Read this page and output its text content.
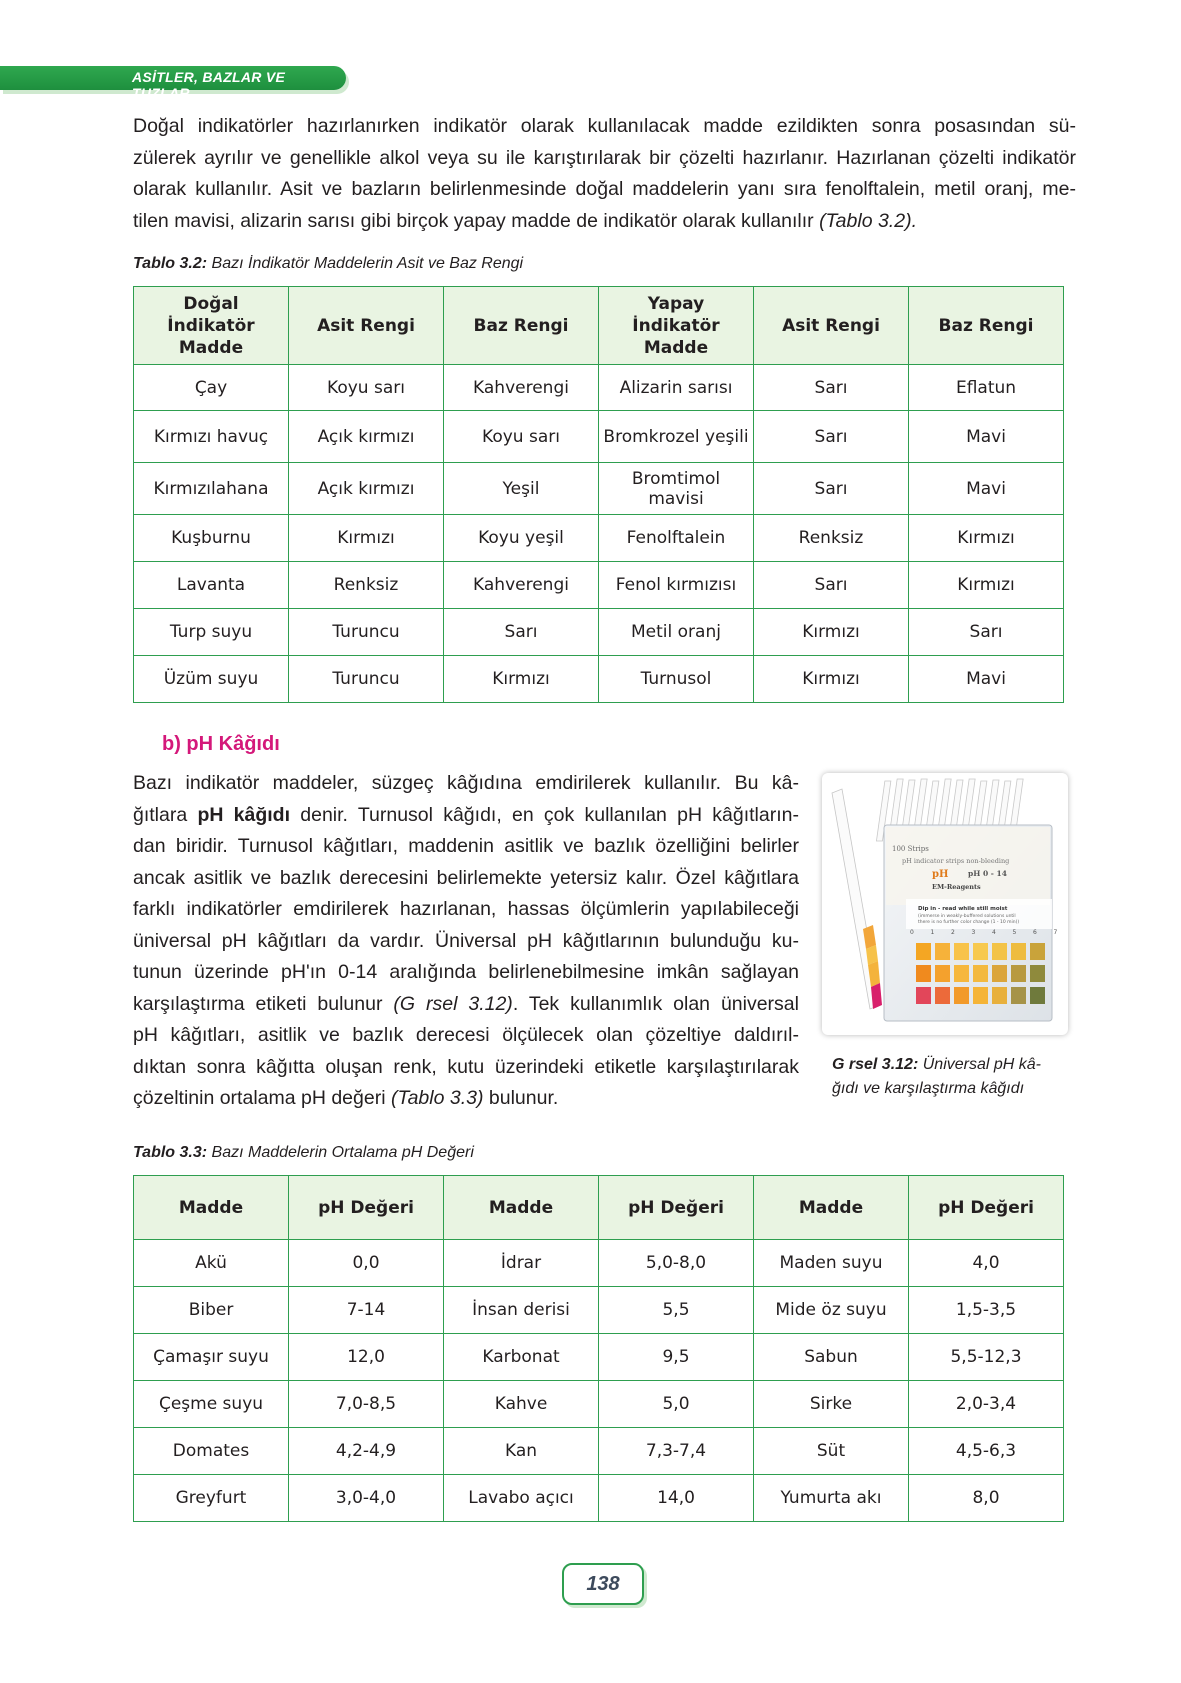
ASİTLER, BAZLAR VE TUZLAR
Doğal indikatörler hazırlanırken indikatör olarak kullanılacak madde ezildikten sonra posasından sü-
zülerek ayrılır ve genellikle alkol veya su ile karıştırılarak bir çözelti hazırlanır. Hazırlanan çözelti indikatör
olarak kullanılır. Asit ve bazların belirlenmesinde doğal maddelerin yanı sıra fenolftalein, metil oranj, me-
tilen mavisi, alizarin sarısı gibi birçok yapay madde de indikatör olarak kullanılır (Tablo 3.2).
Tablo 3.2: Bazı İndikatör Maddelerin Asit ve Baz Rengi
Doğal İndikatör Madde	Asit Rengi	Baz Rengi	Yapay İndikatör Madde	Asit Rengi	Baz Rengi
Çay	Koyu sarı	Kahverengi	Alizarin sarısı	Sarı	Eflatun
Kırmızı havuç	Açık kırmızı	Koyu sarı	Bromkrozel yeşili	Sarı	Mavi
Kırmızılahana	Açık kırmızı	Yeşil	Bromtimol mavisi	Sarı	Mavi
Kuşburnu	Kırmızı	Koyu yeşil	Fenolftalein	Renksiz	Kırmızı
Lavanta	Renksiz	Kahverengi	Fenol kırmızısı	Sarı	Kırmızı
Turp suyu	Turuncu	Sarı	Metil oranj	Kırmızı	Sarı
Üzüm suyu	Turuncu	Kırmızı	Turnusol	Kırmızı	Mavi
b) pH Kâğıdı
Bazı indikatör maddeler, süzgeç kâğıdına emdirilerek kullanılır. Bu kâ-
ğıtlara pH kâğıdı denir. Turnusol kâğıdı, en çok kullanılan pH kâğıtların-
dan biridir. Turnusol kâğıtları, maddenin asitlik ve bazlık özelliğini belirler
ancak asitlik ve bazlık derecesini belirlemekte yetersiz kalır. Özel kâğıtlara
farklı indikatörler emdirilerek hazırlanan, hassas ölçümlerin yapılabileceği
üniversal pH kâğıtları da vardır. Üniversal pH kâğıtlarının bulunduğu ku-
tunun üzerinde pH'ın 0-14 aralığında belirlenebilmesine imkân sağlayan
karşılaştırma etiketi bulunur (G rsel 3.12). Tek kullanımlık olan üniversal
pH kâğıtları, asitlik ve bazlık derecesi ölçülecek olan çözeltiye daldırıl-
dıktan sonra kâğıtta oluşan renk, kutu üzerindeki etiketle karşılaştırılarak
çözeltinin ortalama pH değeri (Tablo 3.3) bulunur.
100 Strips
pH indicator strips non-bleeding
pH	pH 0 - 14
EM-Reagents
Dip in - read while still moist
(immerse in weakly-buffered solutions until
there is no further color change (1 - 10 min))
0	1	2	3	4	5	6	7
G rsel 3.12: Üniversal pH kâ-
ğıdı ve karşılaştırma kâğıdı
Tablo 3.3: Bazı Maddelerin Ortalama pH Değeri
Madde	pH Değeri	Madde	pH Değeri	Madde	pH Değeri
Akü	0,0	İdrar	5,0-8,0	Maden suyu	4,0
Biber	7-14	İnsan derisi	5,5	Mide öz suyu	1,5-3,5
Çamaşır suyu	12,0	Karbonat	9,5	Sabun	5,5-12,3
Çeşme suyu	7,0-8,5	Kahve	5,0	Sirke	2,0-3,4
Domates	4,2-4,9	Kan	7,3-7,4	Süt	4,5-6,3
Greyfurt	3,0-4,0	Lavabo açıcı	14,0	Yumurta akı	8,0
138
